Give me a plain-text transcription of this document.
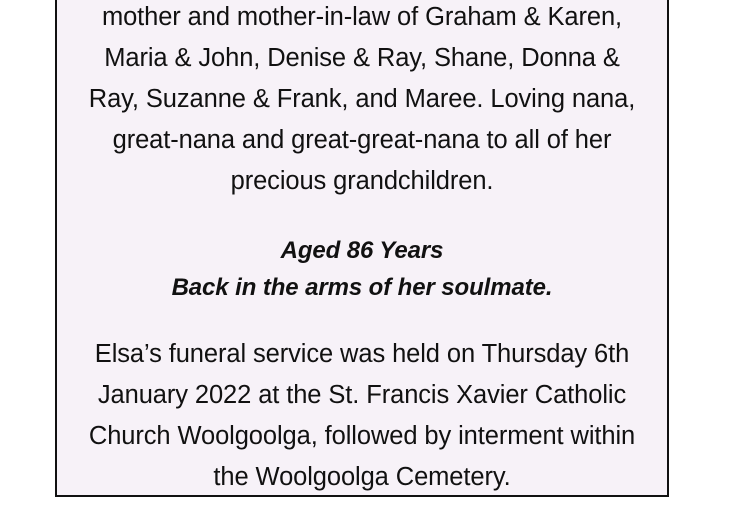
mother and mother-in-law of Graham & Karen,
Maria & John, Denise & Ray, Shane, Donna &
Ray, Suzanne & Frank, and Maree. Loving nana,
great-nana and great-great-nana to all of her
precious grandchildren.
Aged 86 Years
Back in the arms of her soulmate.
Elsa’s funeral service was held on Thursday 6th
January 2022 at the St. Francis Xavier Catholic
Church Woolgoolga, followed by interment within
the Woolgoolga Cemetery.
